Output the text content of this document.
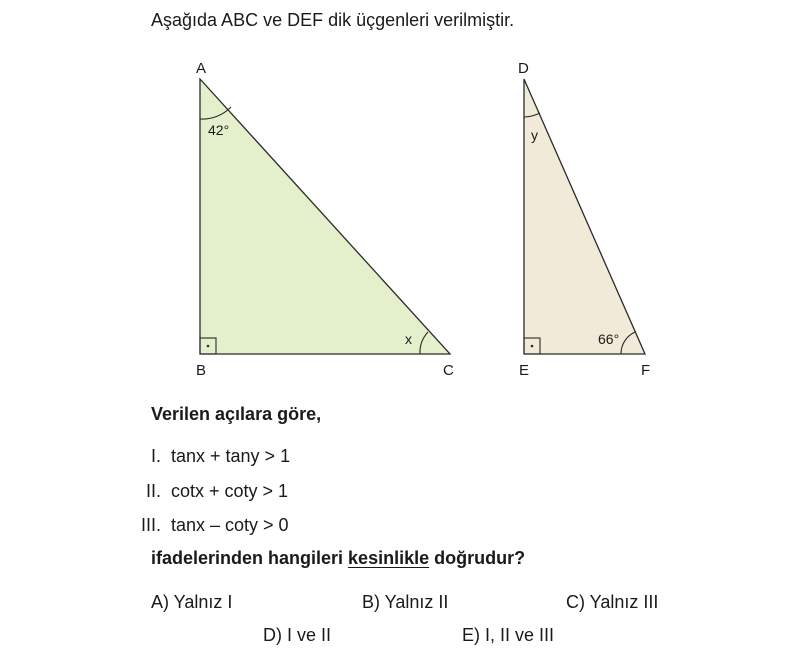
Aşağıda ABC ve DEF dik üçgenleri verilmiştir.
A
B	C
42°
x
D
E	F
y
66°
Verilen açılara göre,
I. tanx + tany > 1
II. cotx + coty > 1
III. tanx – coty > 0
ifadelerinden hangileri kesinlikle doğrudur?
A) Yalnız I	B) Yalnız II	C) Yalnız III
D) I ve II	E) I, II ve III
